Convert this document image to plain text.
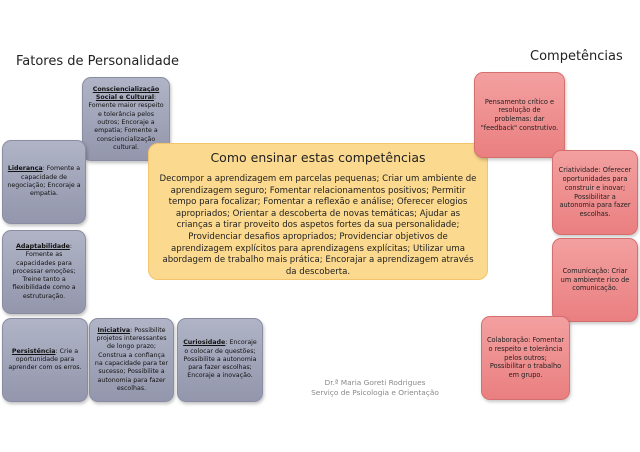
Fatores de Personalidade	Competências
Consciencialização Social e Cultural: Fomente maior respeito e tolerância pelos outros; Encoraje a empatia; Fomente a consciencialização cultural.
Liderança: Fomente a capacidade de negociação; Encoraje a empatia.
Adaptabilidade: Fomente as capacidades para processar emoções; Treine tanto a flexibilidade como a estruturação.
Persistência: Crie a oportunidade para aprender com os erros.
Iniciativa: Possibilite projetos interessantes de longo prazo; Construa a confiança na capacidade para ter sucesso; Possibilite a autonomia para fazer escolhas.
Curiosidade: Encoraje o colocar de questões; Possibilite a autonomia para fazer escolhas; Encoraje a inovação.
Como ensinar estas competências
Decompor a aprendizagem em parcelas pequenas; Criar um ambiente de aprendizagem seguro; Fomentar relacionamentos positivos; Permitir tempo para focalizar; Fomentar a reflexão e análise; Oferecer elogios apropriados; Orientar a descoberta de novas temáticas; Ajudar as crianças a tirar proveito dos aspetos fortes da sua personalidade; Providenciar desafios apropriados; Providenciar objetivos de aprendizagem explícitos para aprendizagens explícitas; Utilizar uma abordagem de trabalho mais prática; Encorajar a aprendizagem através da descoberta.
Pensamento crítico e resolução de problemas: dar "feedback" construtivo.
Criatividade: Oferecer oportunidades para construir e inovar; Possibilitar a autonomia para fazer escolhas.
Comunicação: Criar um ambiente rico de comunicação.
Colaboração: Fomentar o respeito e tolerância pelos outros; Possibilitar o trabalho em grupo.
Dr.ª Maria Goreti Rodrigues
Serviço de Psicologia e Orientação
